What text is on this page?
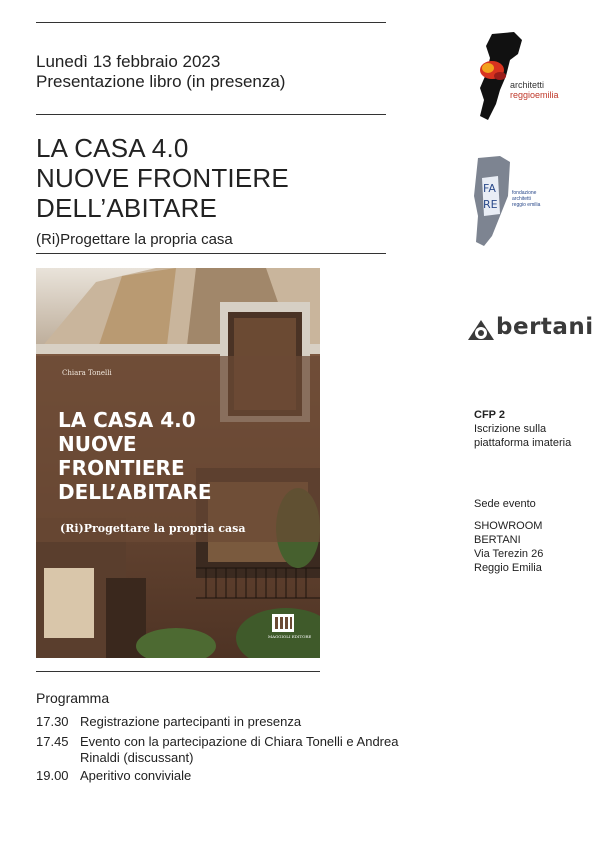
Lunedì 13 febbraio 2023
Presentazione libro (in presenza)
LA CASA 4.0
NUOVE FRONTIERE
DELL’ABITARE
(Ri)Progettare la propria casa
Chiara Tonelli
LA CASA 4.0
NUOVE
FRONTIERE
DELL’ABITARE
(Ri)Progettare la propria casa
MAGGIOLI EDITORE
Programma
17.30 Registrazione partecipanti in presenza
17.45 Evento con la partecipazione di Chiara Tonelli e Andrea Rinaldi (discussant)
19.00 Aperitivo conviviale
architetti
reggioemilia
FA
RE
fondazione
architetti
reggio emilia
bertani
CFP 2
Iscrizione sulla
piattaforma imateria
Sede evento
SHOWROOM
BERTANI
Via Terezin 26
Reggio Emilia
